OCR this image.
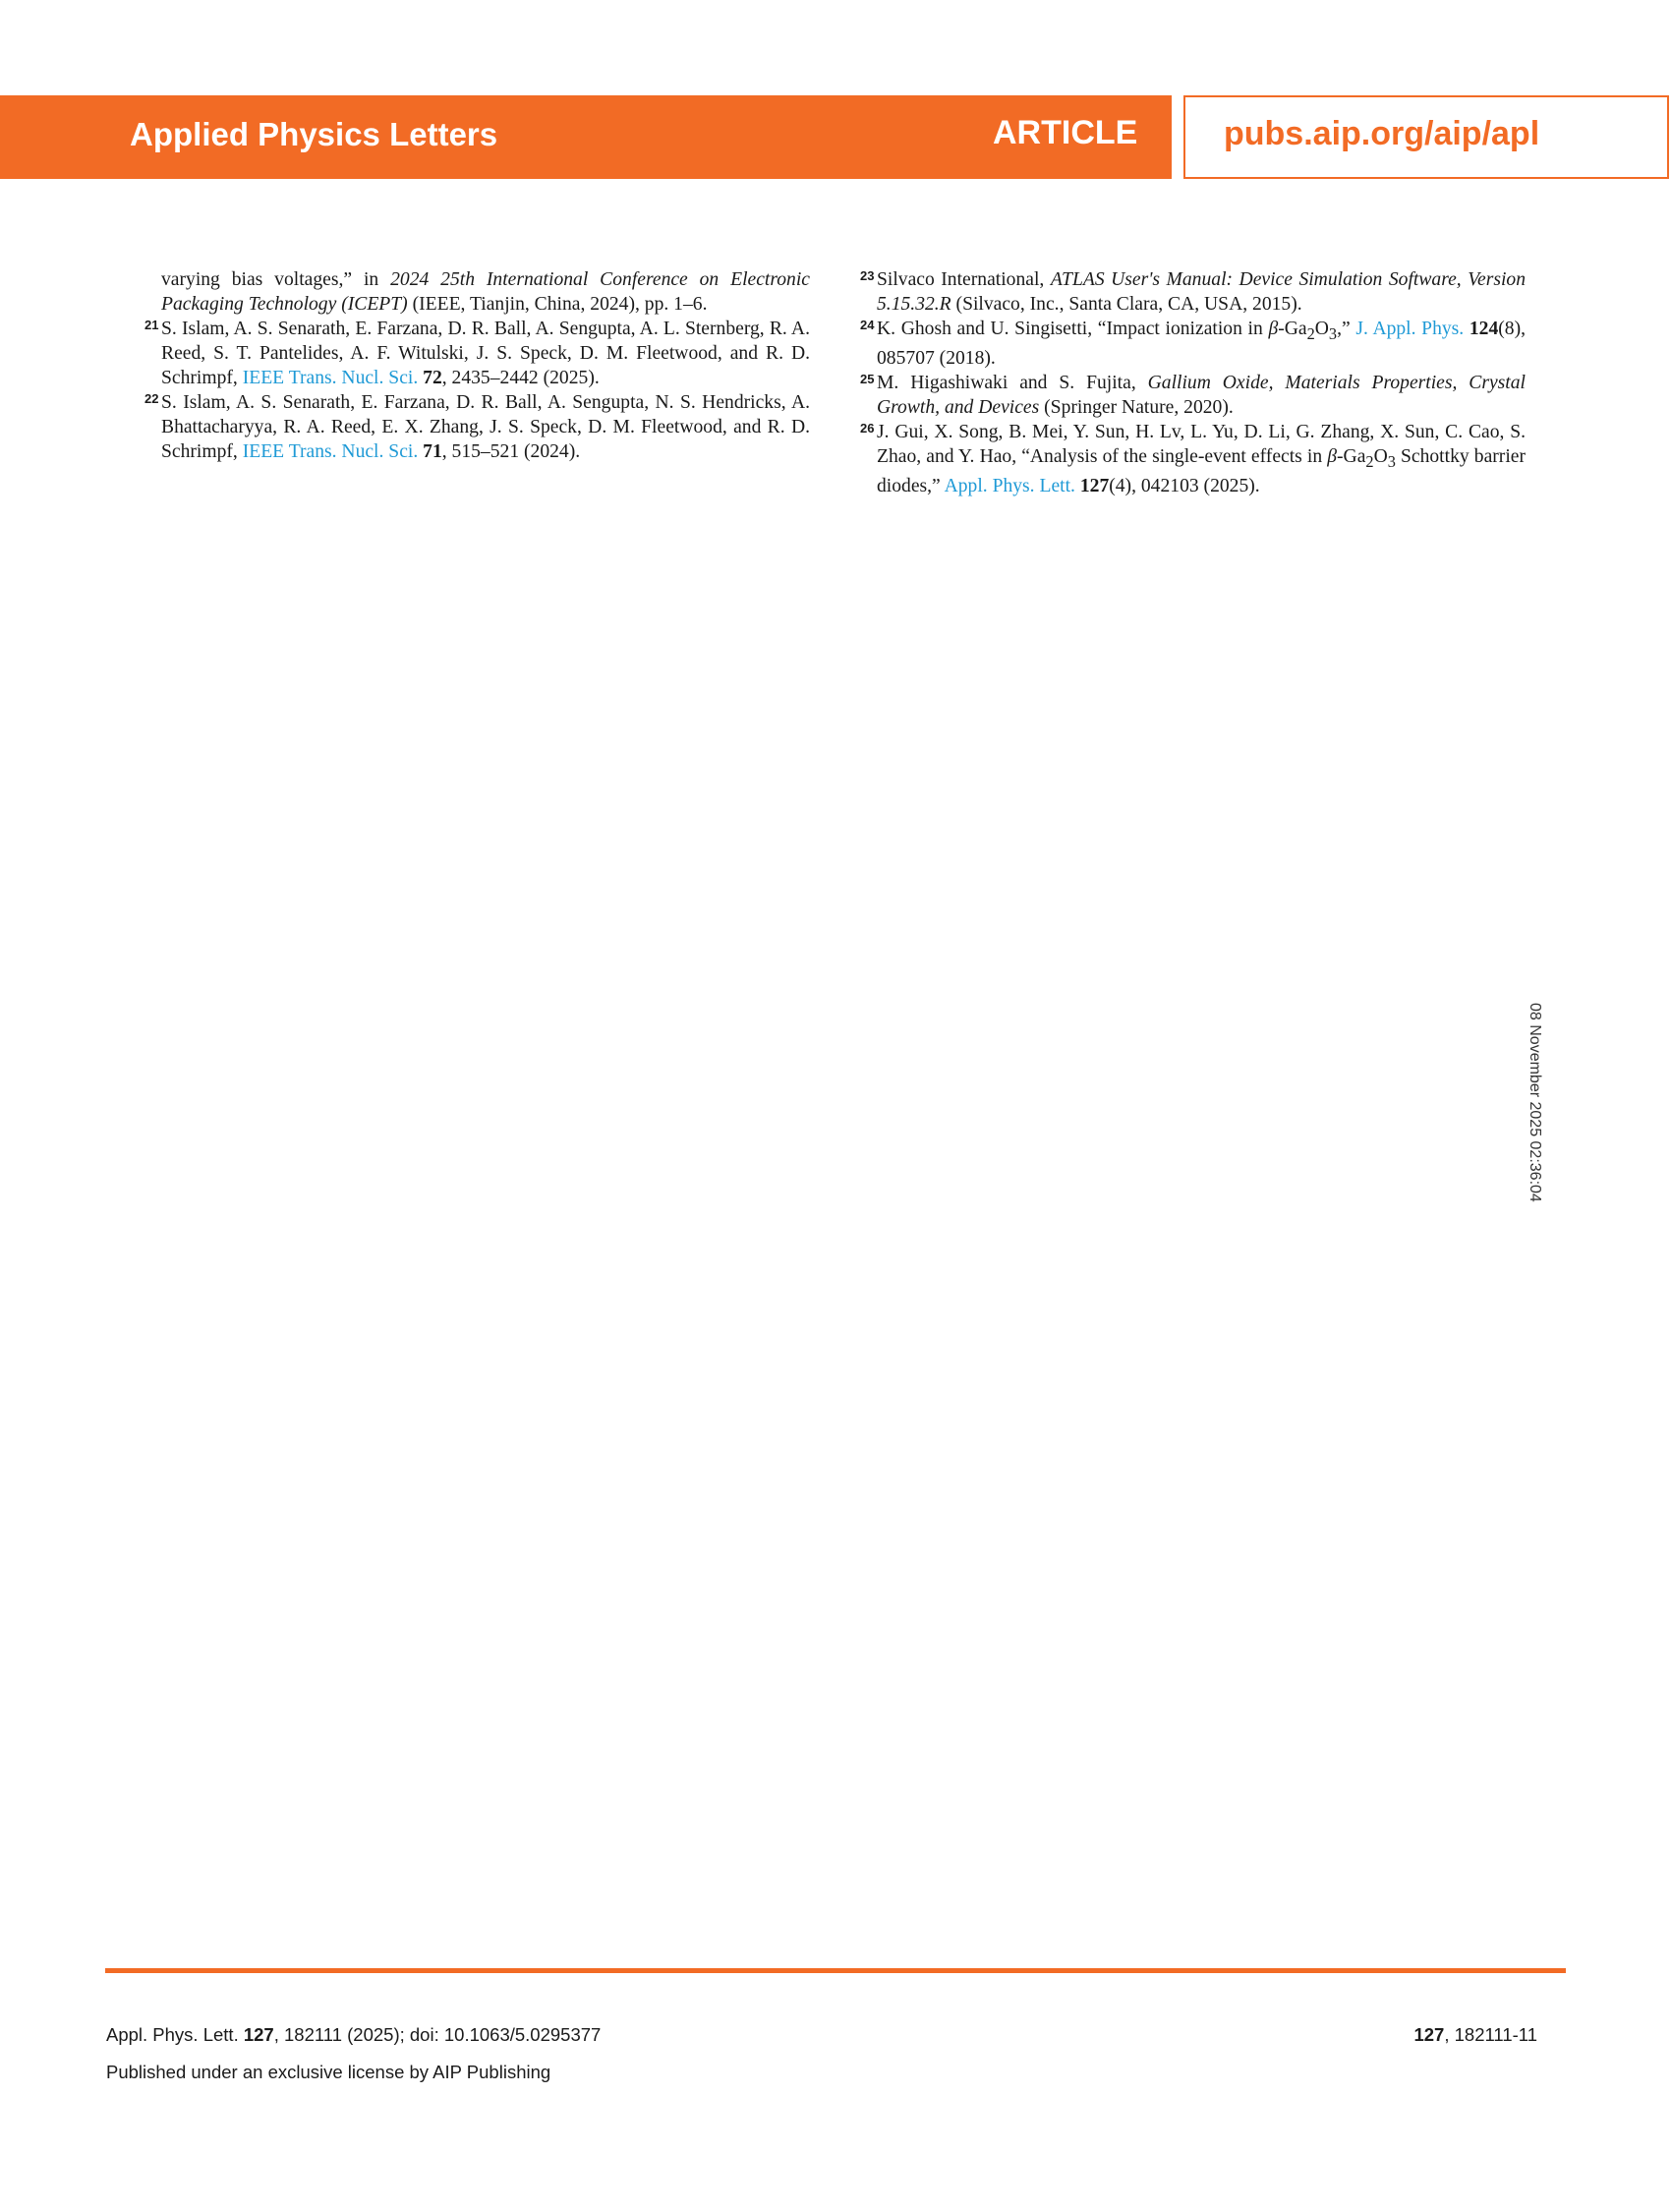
Applied Physics Letters	ARTICLE	pubs.aip.org/aip/apl
varying bias voltages,” in 2024 25th International Conference on Electronic Packaging Technology (ICEPT) (IEEE, Tianjin, China, 2024), pp. 1–6.
21 S. Islam, A. S. Senarath, E. Farzana, D. R. Ball, A. Sengupta, A. L. Sternberg, R. A. Reed, S. T. Pantelides, A. F. Witulski, J. S. Speck, D. M. Fleetwood, and R. D. Schrimpf, IEEE Trans. Nucl. Sci. 72, 2435–2442 (2025).
22 S. Islam, A. S. Senarath, E. Farzana, D. R. Ball, A. Sengupta, N. S. Hendricks, A. Bhattacharyya, R. A. Reed, E. X. Zhang, J. S. Speck, D. M. Fleetwood, and R. D. Schrimpf, IEEE Trans. Nucl. Sci. 71, 515–521 (2024).
23 Silvaco International, ATLAS User's Manual: Device Simulation Software, Version 5.15.32.R (Silvaco, Inc., Santa Clara, CA, USA, 2015).
24 K. Ghosh and U. Singisetti, “Impact ionization in $\beta-Ga_2O_3$,” J. Appl. Phys. 124(8), 085707 (2018).
25 M. Higashiwaki and S. Fujita, Gallium Oxide, Materials Properties, Crystal Growth, and Devices (Springer Nature, 2020).
26 J. Gui, X. Song, B. Mei, Y. Sun, H. Lv, L. Yu, D. Li, G. Zhang, X. Sun, C. Cao, S. Zhao, and Y. Hao, “Analysis of the single-event effects in $\beta-Ga_2O_3$ Schottky barrier diodes,” Appl. Phys. Lett. 127(4), 042103 (2025).
08 November 2025 02:36:04
Appl. Phys. Lett. 127, 182111 (2025); doi: 10.1063/5.0295377	127, 182111-11
Published under an exclusive license by AIP Publishing
